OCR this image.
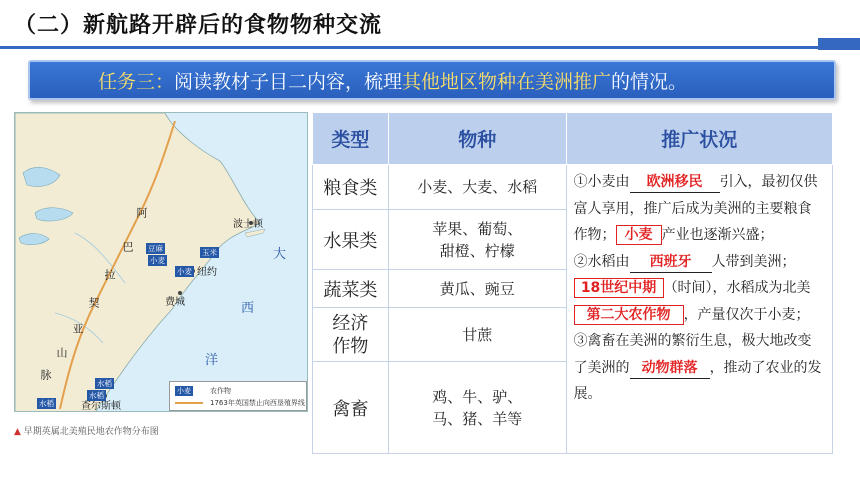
（二）新航路开辟后的食物物种交流
任务三： 阅读教材子目二内容，梳理 其他地区物种在美洲推广 的情况。
波士顿
纽约
费城
查尔斯顿
豆麻
小麦
小麦
玉米
水稻
水稻
水稻
阿
巴
拉
契
亚
山
脉
大
西
洋
小麦	农作物
1763年英国禁止向西垦殖界线
▲ 早期英属北美殖民地农作物分布图
类型	物种	推广状况
粮食类	小麦、大麦、水稻	①小麦由 欧洲移民 引入，最初仅供富人享用，推广后成为美洲的主要粮食作物； 小麦 产业也逐渐兴盛；
②水稻由 西班牙 人带到美洲；18世纪中期 （时间），水稻成为北美第二大农作物 ，产量仅次于小麦；
③禽畜在美洲的繁衍生息，极大地改变了美洲的 动物群落 ，推动了农业的发展。
水果类	苹果、葡萄、甜橙、柠檬	

蔬菜类	黄瓜、豌豆	

经济作物	甘蔗	
禽畜	鸡、牛、驴、马、猪、羊等	
